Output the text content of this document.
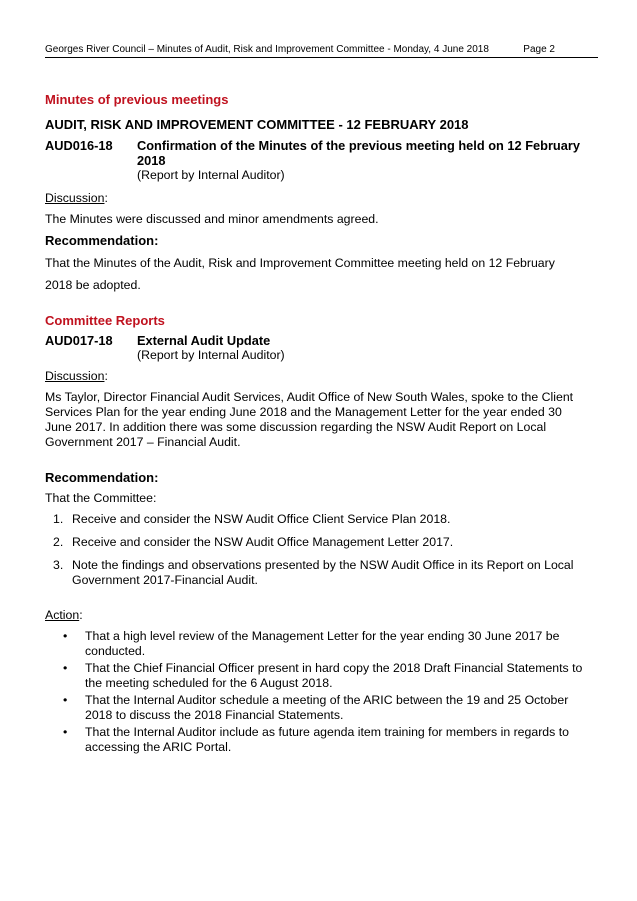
Georges River Council – Minutes of Audit, Risk and Improvement Committee - Monday, 4 June 2018	Page 2
Minutes of previous meetings
AUDIT, RISK AND IMPROVEMENT COMMITTEE - 12 FEBRUARY 2018
AUD016-18	Confirmation of the Minutes of the previous meeting held on 12 February 2018
(Report by Internal Auditor)
Discussion:
The Minutes were discussed and minor amendments agreed.
Recommendation:
That the Minutes of the Audit, Risk and Improvement Committee meeting held on 12 February
2018 be adopted.
Committee Reports
AUD017-18	External Audit Update
(Report by Internal Auditor)
Discussion:
Ms Taylor, Director Financial Audit Services, Audit Office of New South Wales, spoke to the Client Services Plan for the year ending June 2018 and the Management Letter for the year ended 30 June 2017. In addition there was some discussion regarding the NSW Audit Report on Local Government 2017 – Financial Audit.
Recommendation:
That the Committee:
1. Receive and consider the NSW Audit Office Client Service Plan 2018.
2. Receive and consider the NSW Audit Office Management Letter 2017.
3. Note the findings and observations presented by the NSW Audit Office in its Report on Local Government 2017-Financial Audit.
Action:
•	That a high level review of the Management Letter for the year ending 30 June 2017 be conducted.
•	That the Chief Financial Officer present in hard copy the 2018 Draft Financial Statements to the meeting scheduled for the 6 August 2018.
•	That the Internal Auditor schedule a meeting of the ARIC between the 19 and 25 October 2018 to discuss the 2018 Financial Statements.
•	That the Internal Auditor include as future agenda item training for members in regards to accessing the ARIC Portal.
